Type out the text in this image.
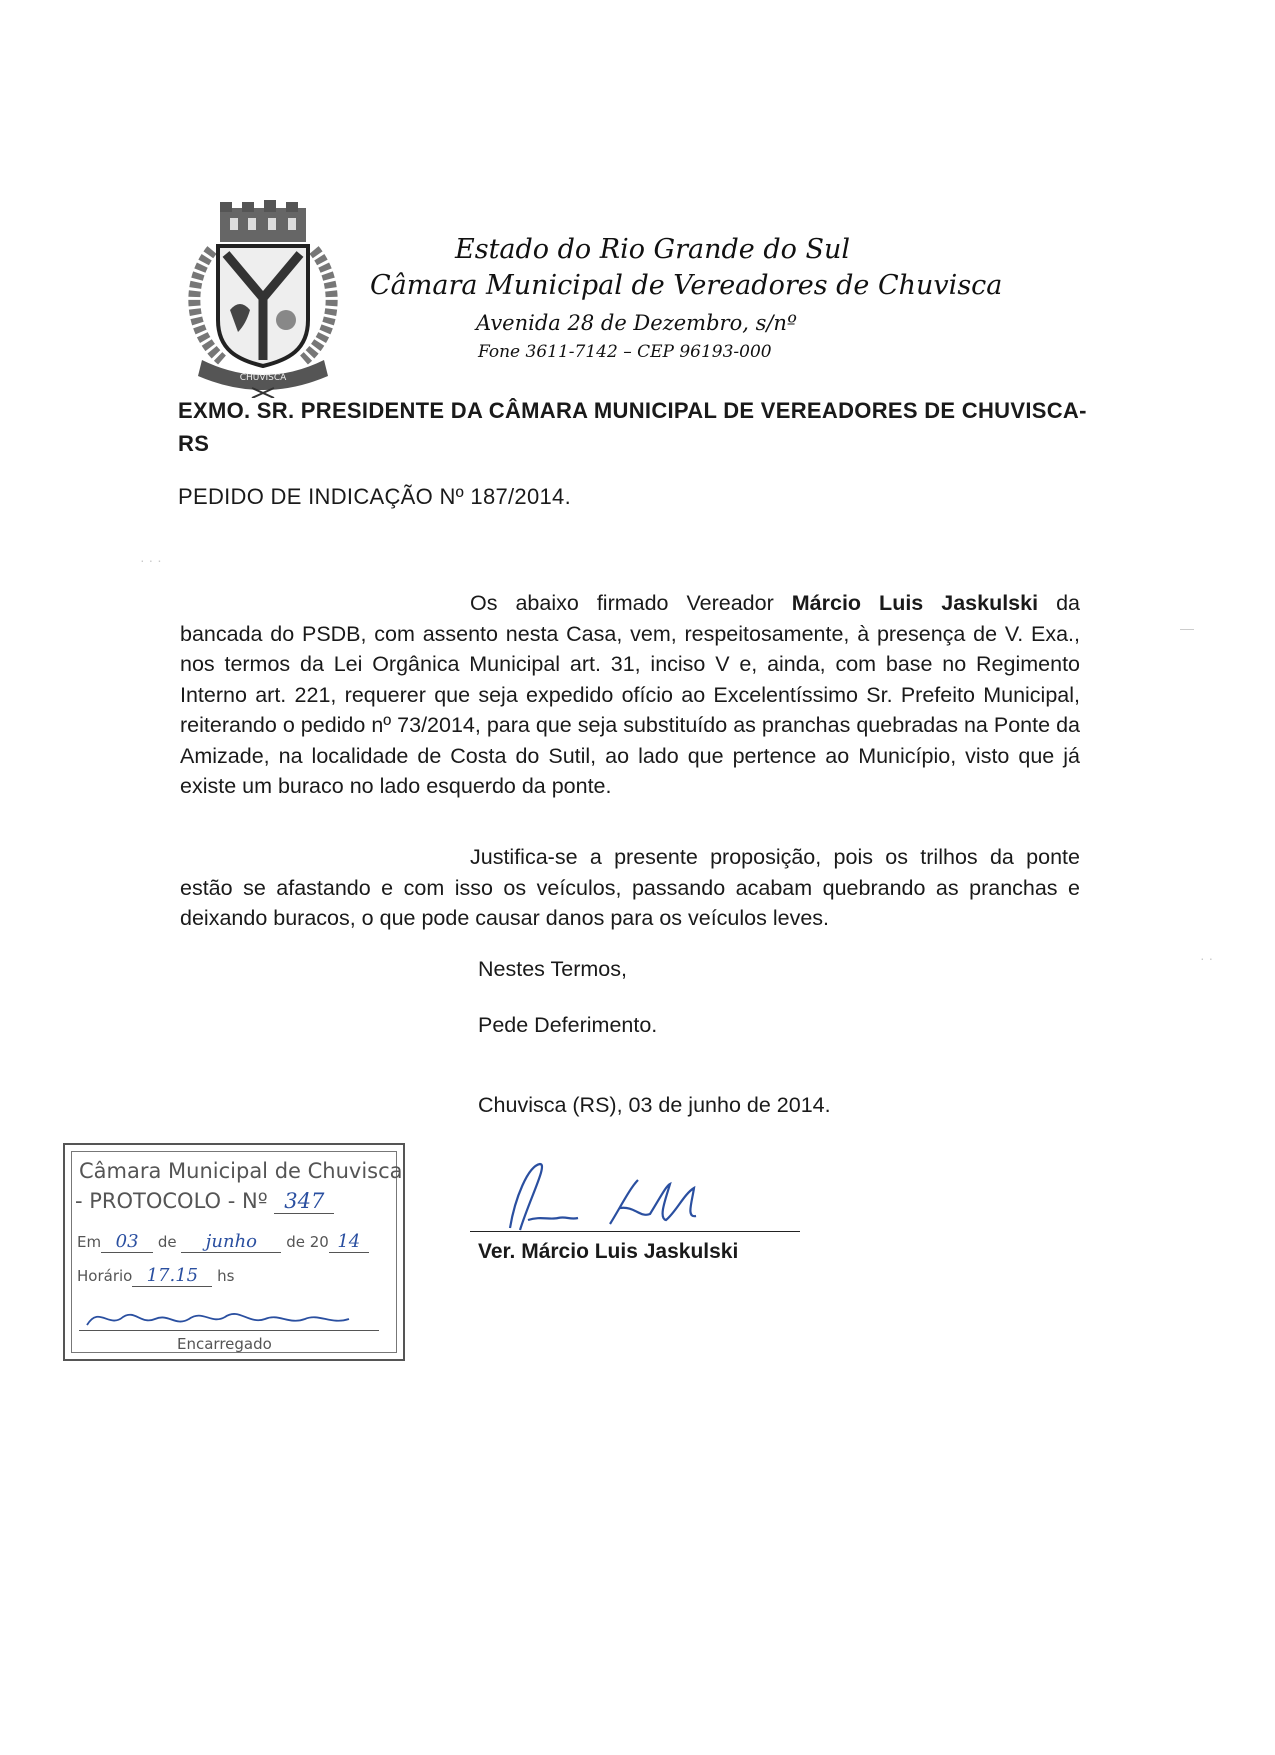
CHUVISCA
Estado do Rio Grande do Sul
Câmara Municipal de Vereadores de Chuvisca
Avenida 28 de Dezembro, s/nº
Fone 3611-7142 – CEP 96193-000
EXMO. SR. PRESIDENTE DA CÂMARA MUNICIPAL DE VEREADORES DE CHUVISCA-RS
PEDIDO DE INDICAÇÃO Nº 187/2014.
Os abaixo firmado Vereador Márcio Luis Jaskulski da bancada do PSDB, com assento nesta Casa, vem, respeitosamente, à presença de V. Exa., nos termos da Lei Orgânica Municipal art. 31, inciso V e, ainda, com base no Regimento Interno art. 221, requerer que seja expedido ofício ao Excelentíssimo Sr. Prefeito Municipal, reiterando o pedido nº 73/2014, para que seja substituído as pranchas quebradas na Ponte da Amizade, na localidade de Costa do Sutil, ao lado que pertence ao Município, visto que já existe um buraco no lado esquerdo da ponte.
Justifica-se a presente proposição, pois os trilhos da ponte estão se afastando e com isso os veículos, passando acabam quebrando as pranchas e deixando buracos, o que pode causar danos para os veículos leves.
Nestes Termos,
Pede Deferimento.
Chuvisca (RS), 03 de junho de 2014.
Ver. Márcio Luis Jaskulski
Câmara Municipal de Chuvisca
- PROTOCOLO - Nº 347
Em 03 de junho de 20 14
Horário 17.15 hs
Encarregado
· · ·
—
· ·
